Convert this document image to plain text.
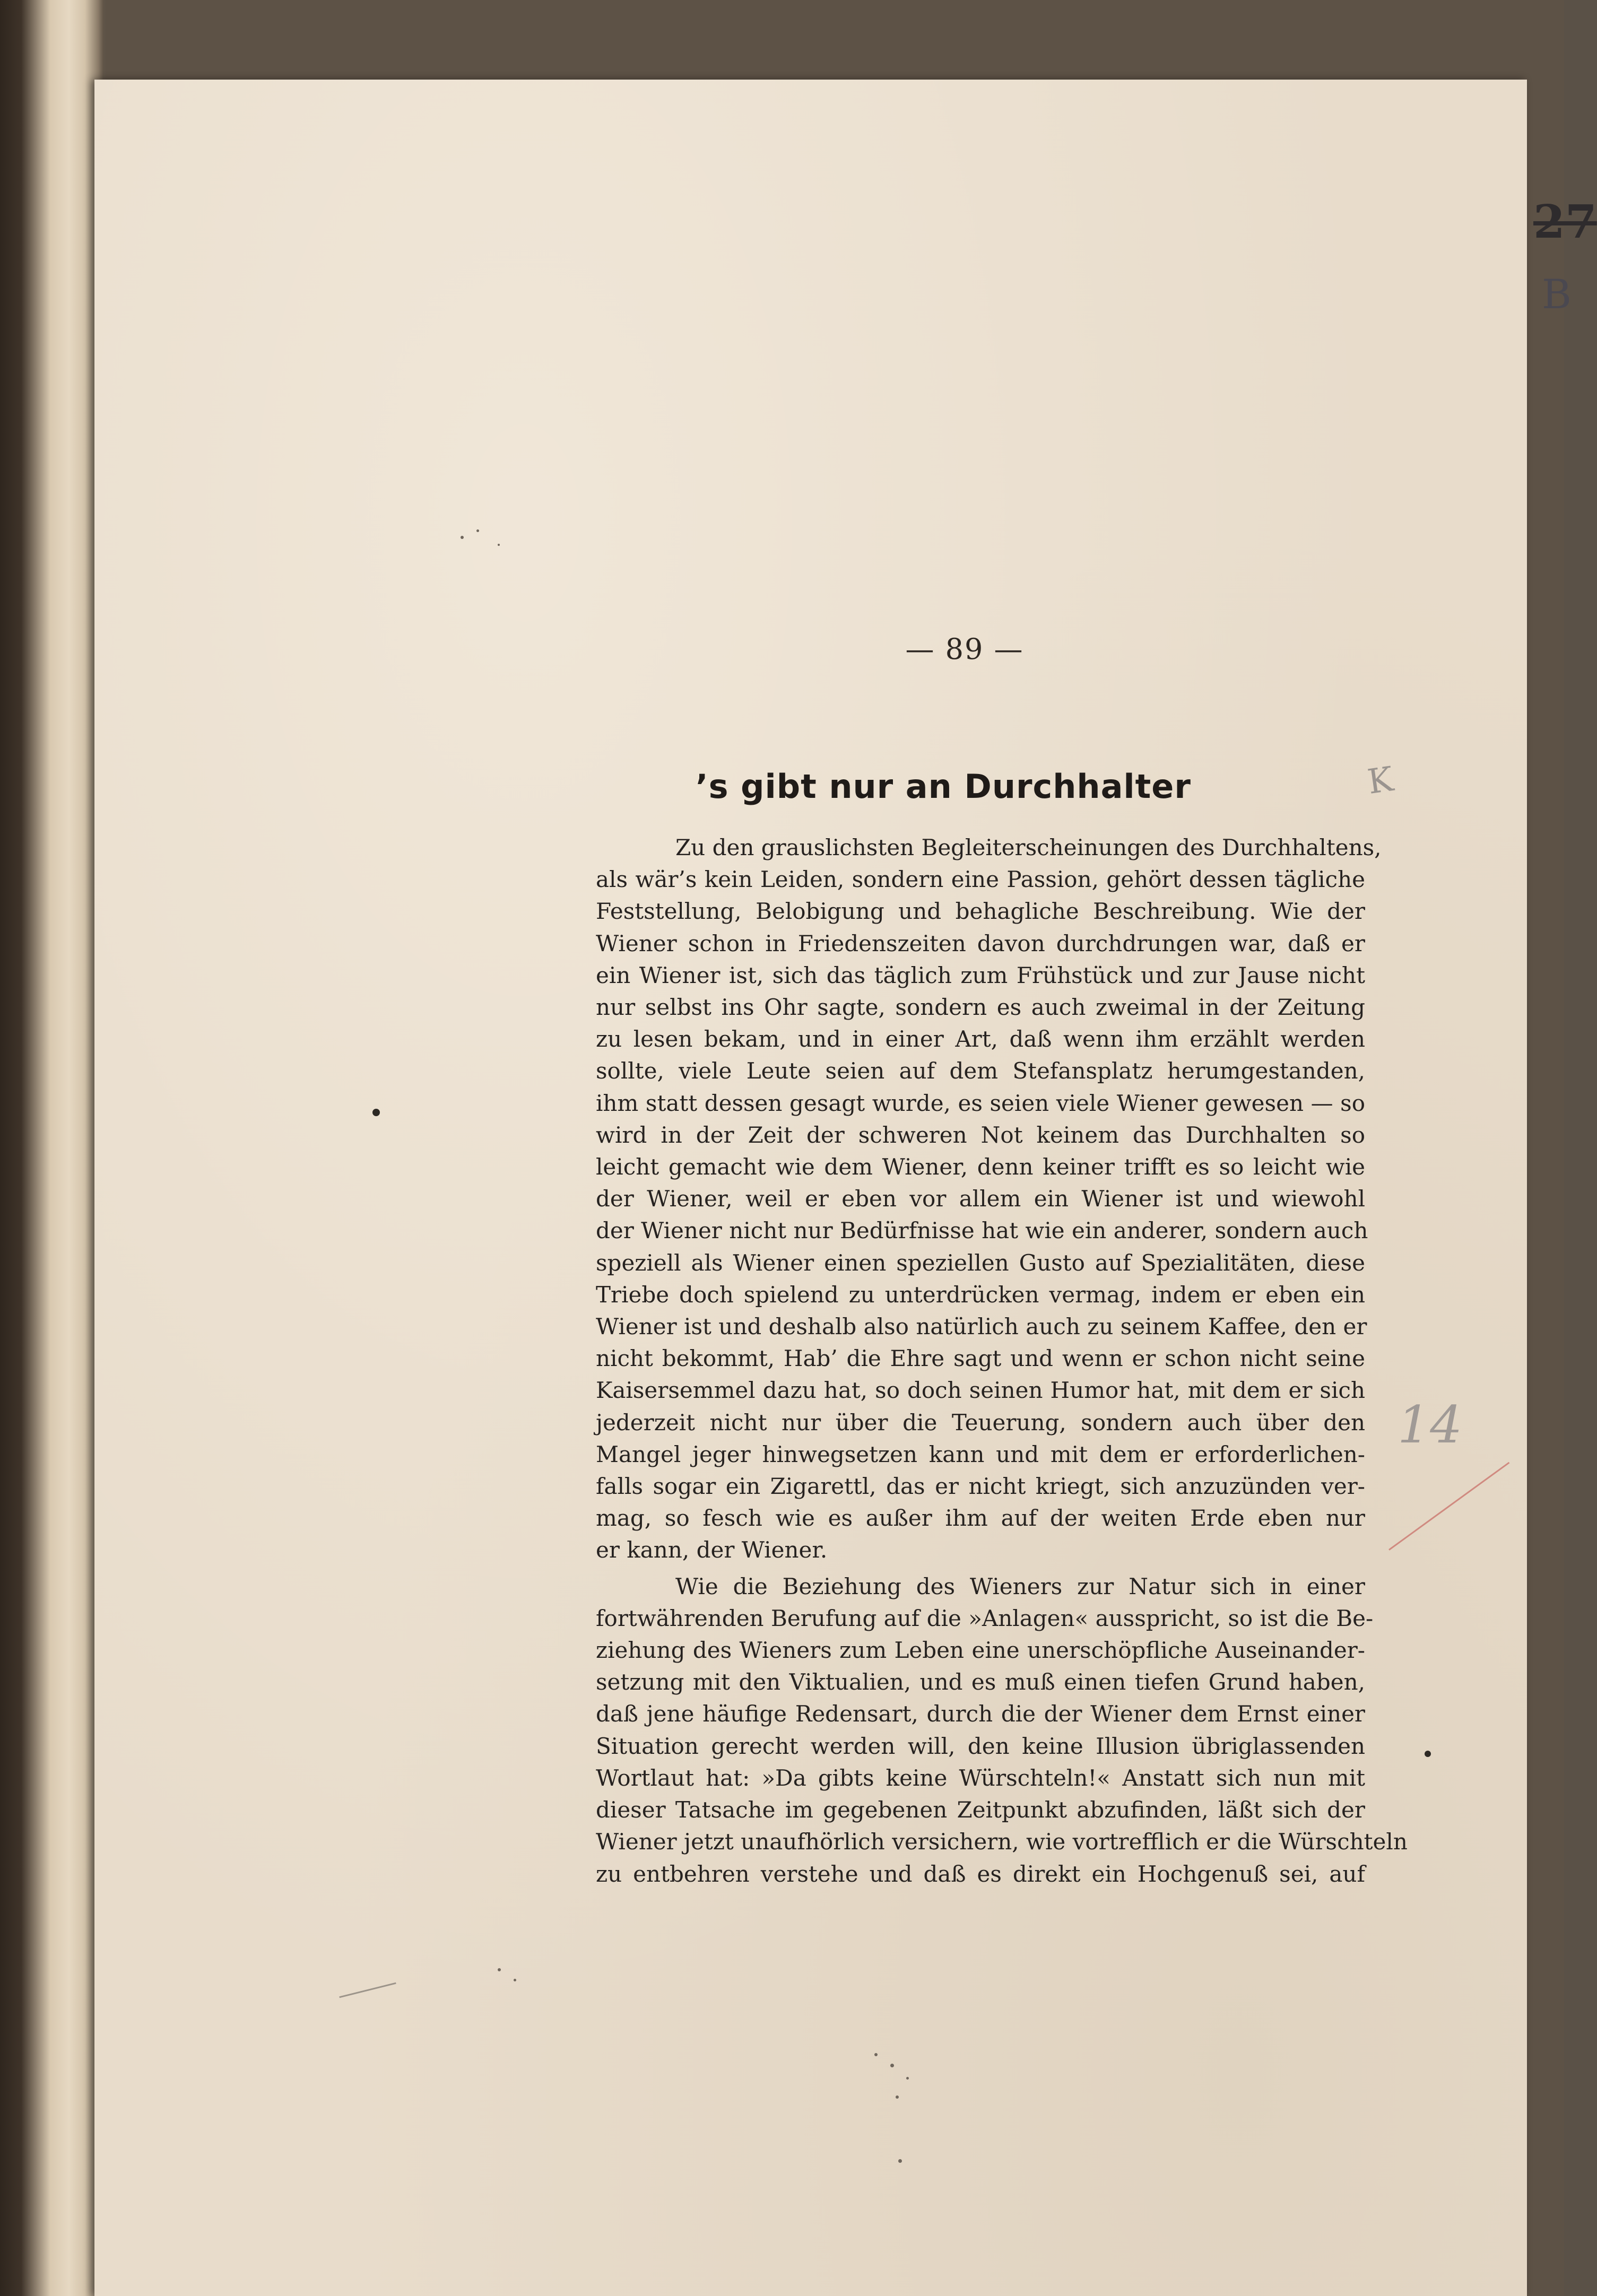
27
B
K
14
— 89 —
’s gibt nur an Durchhalter
Zu den grauslichsten Begleiterscheinungen des Durchhaltens,
als wär’s kein Leiden, sondern eine Passion, gehört dessen tägliche
Feststellung, Belobigung und behagliche Beschreibung. Wie der
Wiener schon in Friedenszeiten davon durchdrungen war, daß er
ein Wiener ist, sich das täglich zum Frühstück und zur Jause nicht
nur selbst ins Ohr sagte, sondern es auch zweimal in der Zeitung
zu lesen bekam, und in einer Art, daß wenn ihm erzählt werden
sollte, viele Leute seien auf dem Stefansplatz herumgestanden,
ihm statt dessen gesagt wurde, es seien viele Wiener gewesen — so
wird in der Zeit der schweren Not keinem das Durchhalten so
leicht gemacht wie dem Wiener, denn keiner trifft es so leicht wie
der Wiener, weil er eben vor allem ein Wiener ist und wiewohl
der Wiener nicht nur Bedürfnisse hat wie ein anderer, sondern auch
speziell als Wiener einen speziellen Gusto auf Spezialitäten, diese
Triebe doch spielend zu unterdrücken vermag, indem er eben ein
Wiener ist und deshalb also natürlich auch zu seinem Kaffee, den er
nicht bekommt, Hab’ die Ehre sagt und wenn er schon nicht seine
Kaisersemmel dazu hat, so doch seinen Humor hat, mit dem er sich
jederzeit nicht nur über die Teuerung, sondern auch über den
Mangel jeger hinwegsetzen kann und mit dem er erforderlichen-
falls sogar ein Zigarettl, das er nicht kriegt, sich anzuzünden ver-
mag, so fesch wie es außer ihm auf der weiten Erde eben nur
er kann, der Wiener.
Wie die Beziehung des Wieners zur Natur sich in einer
fortwährenden Berufung auf die »Anlagen« ausspricht, so ist die Be-
ziehung des Wieners zum Leben eine unerschöpfliche Auseinander-
setzung mit den Viktualien, und es muß einen tiefen Grund haben,
daß jene häufige Redensart, durch die der Wiener dem Ernst einer
Situation gerecht werden will, den keine Illusion übriglassenden
Wortlaut hat: »Da gibts keine Würschteln!« Anstatt sich nun mit
dieser Tatsache im gegebenen Zeitpunkt abzufinden, läßt sich der
Wiener jetzt unaufhörlich versichern, wie vortrefflich er die Würschteln
zu entbehren verstehe und daß es direkt ein Hochgenuß sei, auf
